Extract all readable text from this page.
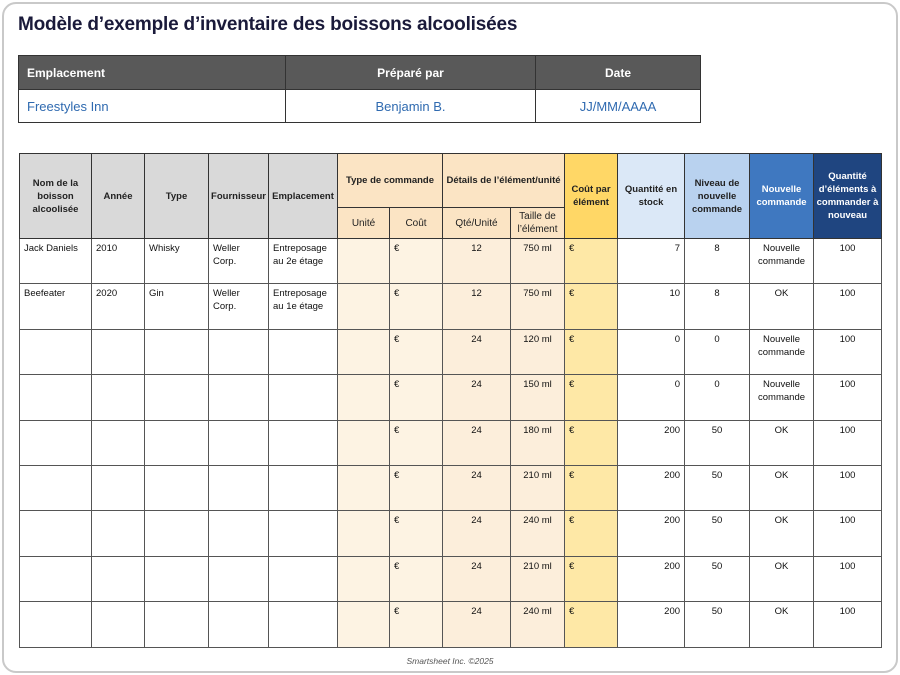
Modèle d’exemple d’inventaire des boissons alcoolisées
Emplacement	Préparé par	Date
Freestyles Inn	Benjamin B.	JJ/MM/AAAA
Nom de la boisson alcoolisée	Année	Type	Fournisseur	Emplacement	Type de commande		Détails de l’élément/unité		Coût par élément	Quantité en stock	Niveau de nouvelle commande	Nouvelle commande	Quantité d’éléments à commander à nouveau
					Unité	Coût	Qté/Unité	Taille de l’élément					
Jack Daniels	2010	Whisky	Weller Corp.	Entreposage au 2e étage		€	12	750 ml	€	7	8	Nouvelle commande	100
Beefeater	2020	Gin	Weller Corp.	Entreposage au 1e étage		€	12	750 ml	€	10	8	OK	100
						€	24	120 ml	€	0	0	Nouvelle commande	100
						€	24	150 ml	€	0	0	Nouvelle commande	100
						€	24	180 ml	€	200	50	OK	100
						€	24	210 ml	€	200	50	OK	100
						€	24	240 ml	€	200	50	OK	100
						€	24	210 ml	€	200	50	OK	100
						€	24	240 ml	€	200	50	OK	100
Smartsheet Inc. ©2025
